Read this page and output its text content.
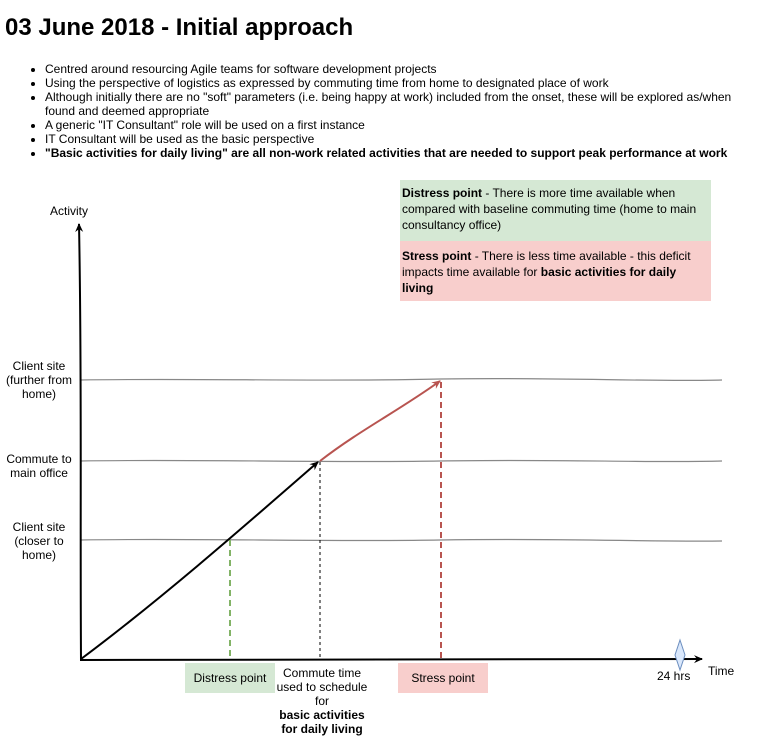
03 June 2018 - Initial approach
• Centred around resourcing Agile teams for software development projects
• Using the perspective of logistics as expressed by commuting time from home to designated place of work
• Although initially there are no "soft" parameters (i.e. being happy at work) included from the onset, these will be explored as/when found and deemed appropriate
• A generic "IT Consultant" role will be used on a first instance
• IT Consultant will be used as the basic perspective
• "Basic activities for daily living" are all non-work related activities that are needed to support peak performance at work
Distress point - There is more time available when compared with baseline commuting time (home to main consultancy office)
Stress point - There is less time available - this deficit impacts time available for basic activities for daily living
Activity
Time
24 hrs
Client site (further from home)
Commute to main office
Client site (closer to home)
Distress point	Commute time used to schedule for
basic activities for daily living
Stress point
